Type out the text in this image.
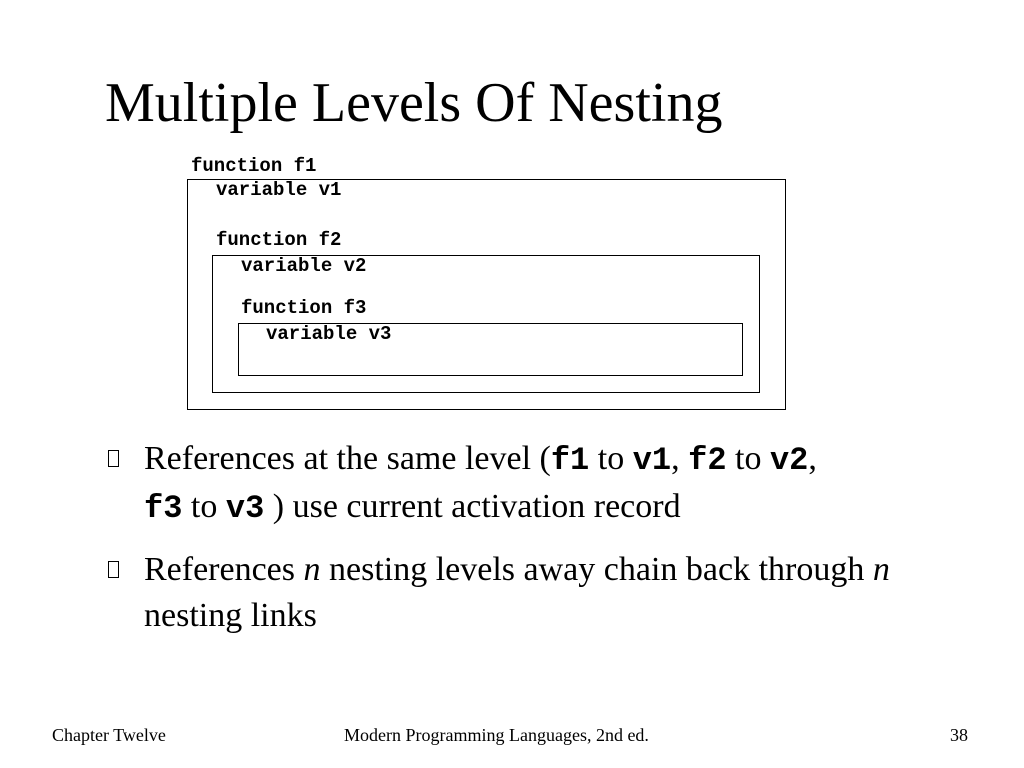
Multiple Levels Of Nesting
function f1
variable v1
function f2
variable v2
function f3
variable v3
References at the same level (f1 to v1, f2 to v2,
f3 to v3 ) use current activation record
References n nesting levels away chain back through n nesting links
Chapter Twelve	Modern Programming Languages, 2nd ed.	38
